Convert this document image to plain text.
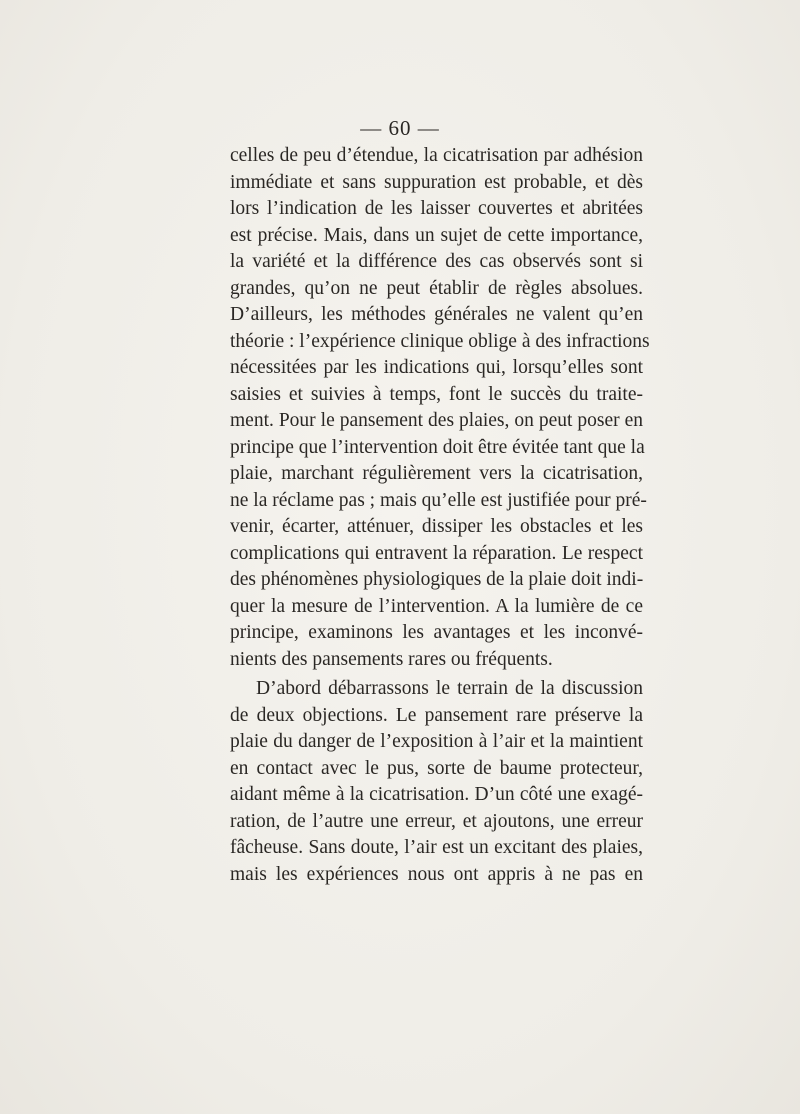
— 60 —
celles de peu d’étendue, la cicatrisation par adhésion
immédiate et sans suppuration est probable, et dès
lors l’indication de les laisser couvertes et abritées
est précise. Mais, dans un sujet de cette importance,
la variété et la différence des cas observés sont si
grandes, qu’on ne peut établir de règles absolues.
D’ailleurs, les méthodes générales ne valent qu’en
théorie : l’expérience clinique oblige à des infractions
nécessitées par les indications qui, lorsqu’elles sont
saisies et suivies à temps, font le succès du traite-
ment. Pour le pansement des plaies, on peut poser en
principe que l’intervention doit être évitée tant que la
plaie, marchant régulièrement vers la cicatrisation,
ne la réclame pas ; mais qu’elle est justifiée pour pré-
venir, écarter, atténuer, dissiper les obstacles et les
complications qui entravent la réparation. Le respect
des phénomènes physiologiques de la plaie doit indi-
quer la mesure de l’intervention. A la lumière de ce
principe, examinons les avantages et les inconvé-
nients des pansements rares ou fréquents.
D’abord débarrassons le terrain de la discussion
de deux objections. Le pansement rare préserve la
plaie du danger de l’exposition à l’air et la maintient
en contact avec le pus, sorte de baume protecteur,
aidant même à la cicatrisation. D’un côté une exagé-
ration, de l’autre une erreur, et ajoutons, une erreur
fâcheuse. Sans doute, l’air est un excitant des plaies,
mais les expériences nous ont appris à ne pas en
